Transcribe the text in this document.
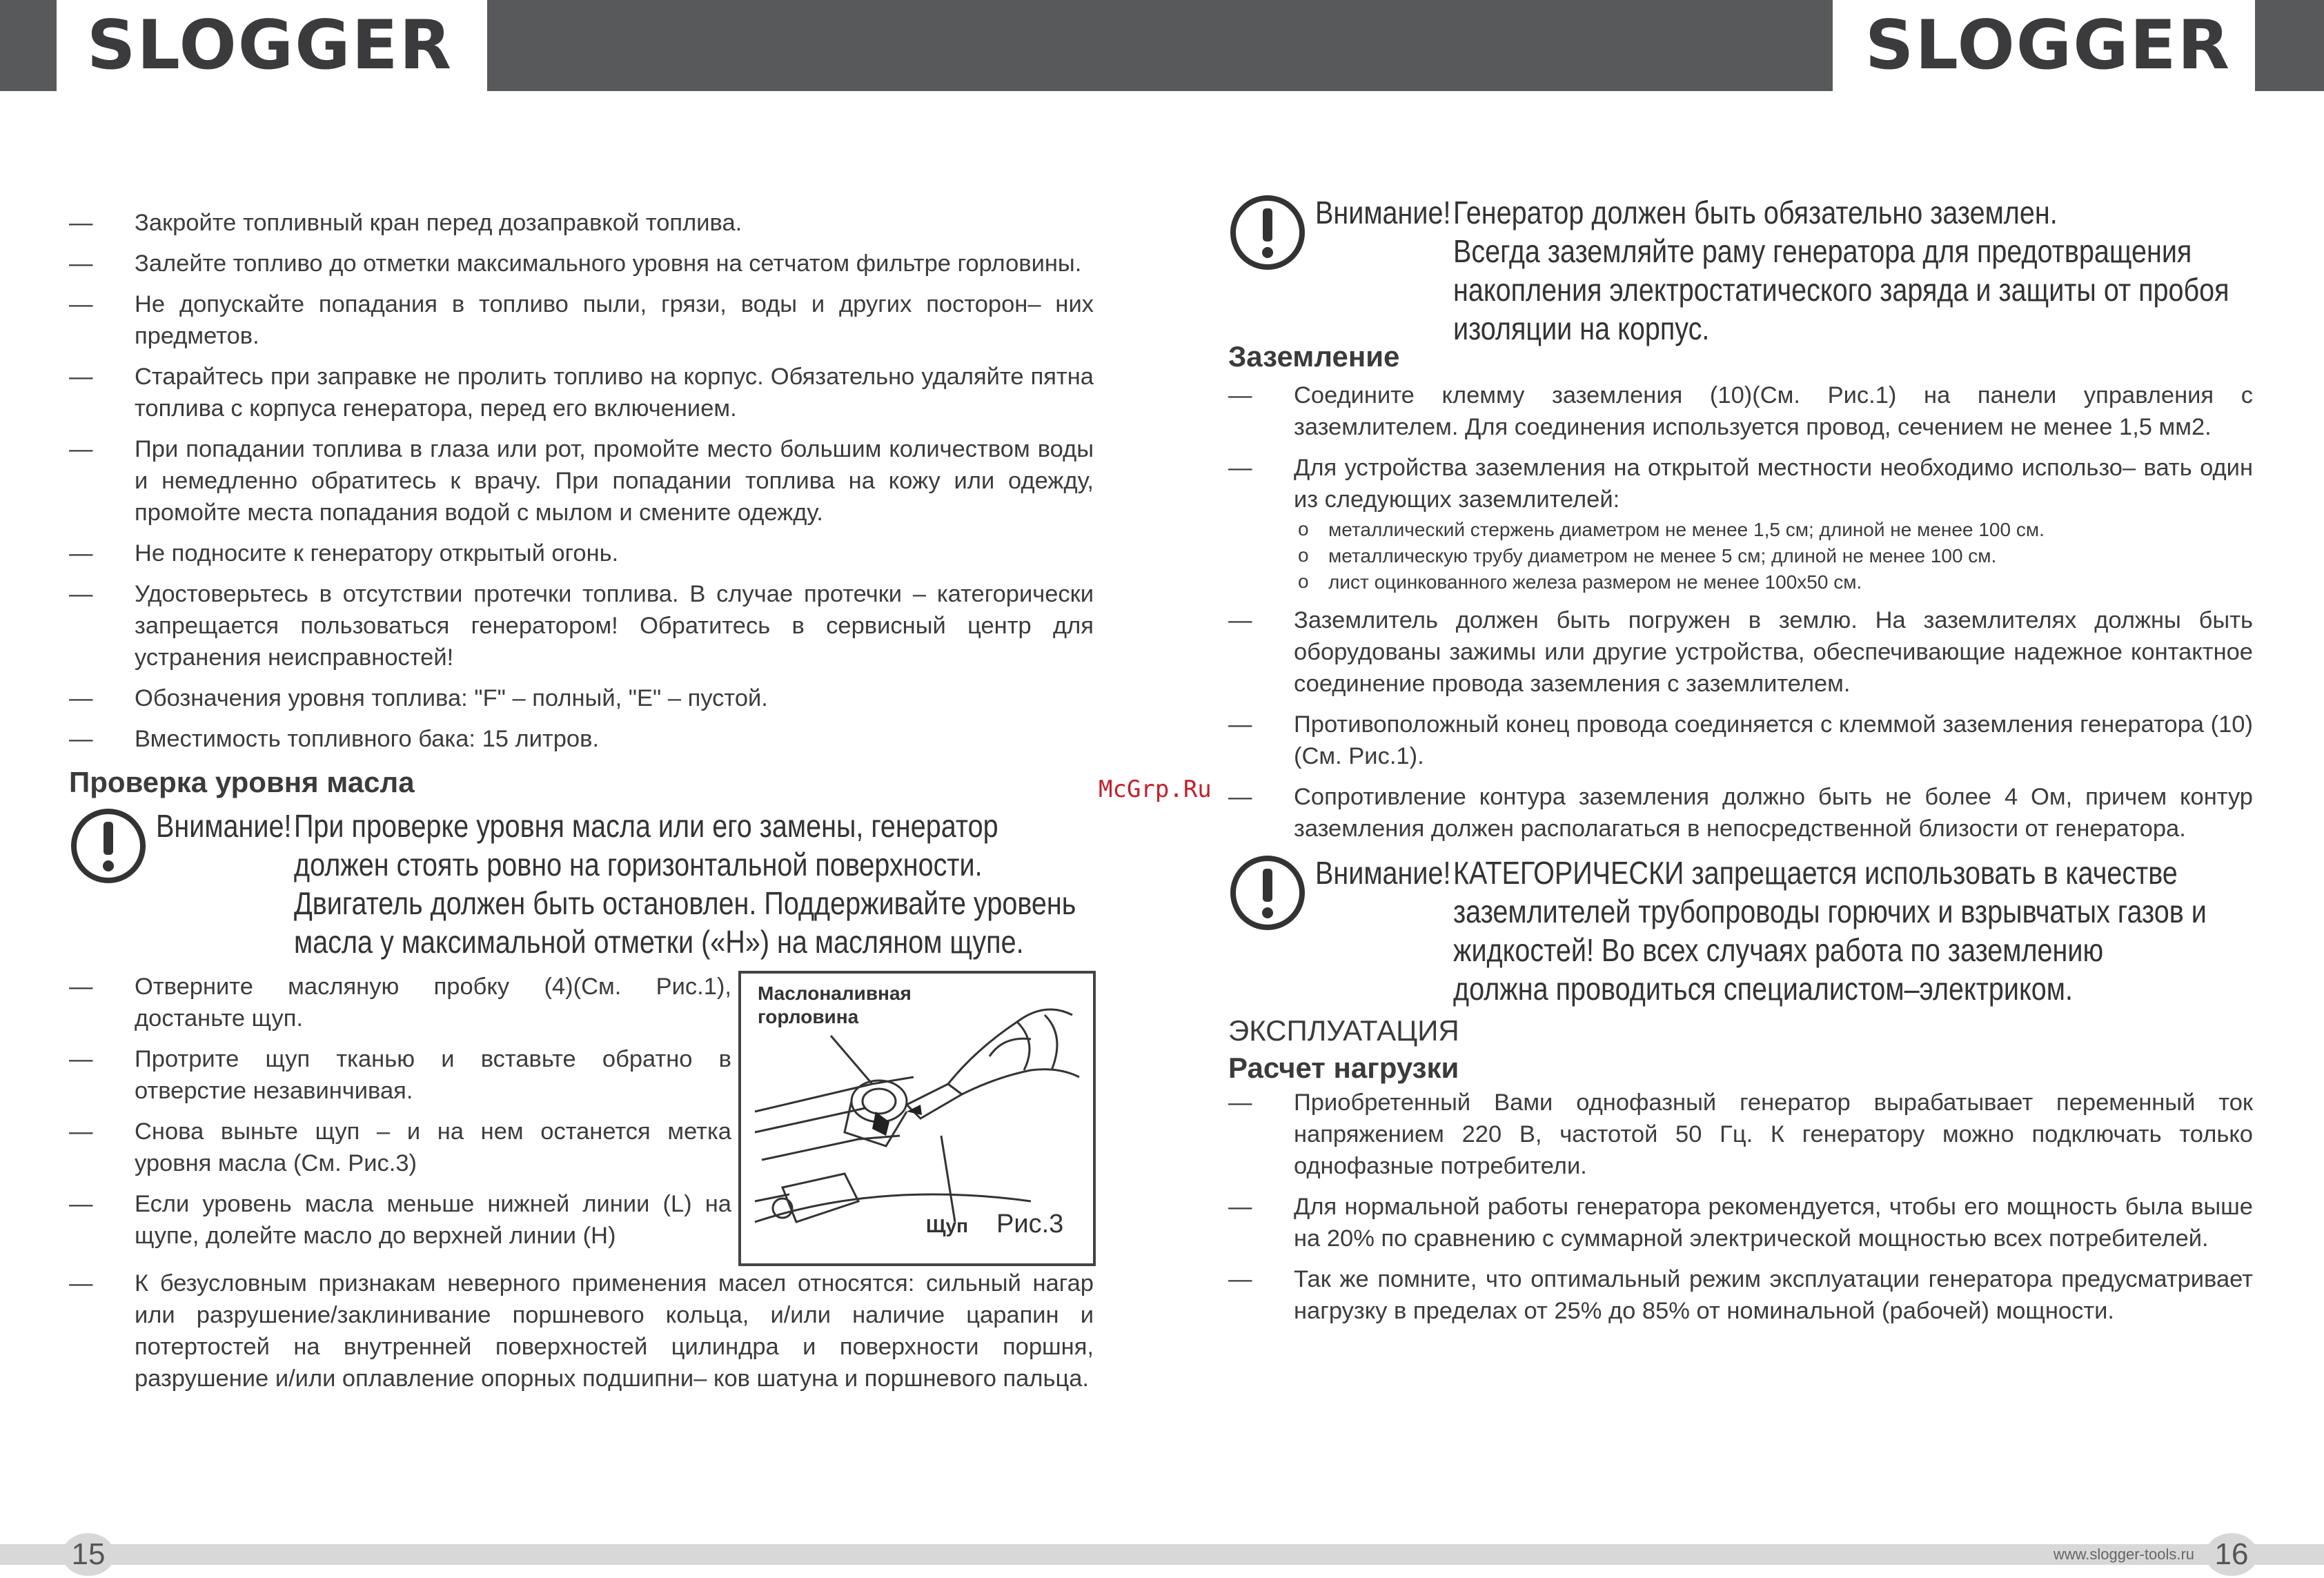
SLOGGER	SLOGGER
— Закройте топливный кран перед дозаправкой топлива.
— Залейте топливо до отметки максимального уровня на сетчатом фильтре горловины.
— Не допускайте попадания в топливо пыли, грязи, воды и других посторон– них предметов.
— Старайтесь при заправке не пролить топливо на корпус. Обязательно удаляйте пятна топлива с корпуса генератора, перед его включением.
— При попадании топлива в глаза или рот, промойте место большим количеством воды и немедленно обратитесь к врачу. При попадании топлива на кожу или одежду, промойте места попадания водой с мылом и смените одежду.
— Не подносите к генератору открытый огонь.
— Удостоверьтесь в отсутствии протечки топлива. В случае протечки – категорически запрещается пользоваться генератором! Обратитесь в сервисный центр для устранения неисправностей!
— Обозначения уровня топлива: "F" – полный, "E" – пустой.
— Вместимость топливного бака: 15 литров.
Проверка уровня масла
Внимание! При проверке уровня масла или его замены, генератор
должен стоять ровно на горизонтальной поверхности.
Двигатель должен быть остановлен. Поддерживайте уровень
масла у максимальной отметки («H») на масляном щупе.
— Отверните масляную пробку (4)(См. Рис.1), достаньте щуп.
— Протрите щуп тканью и вставьте обратно в отверстие незавинчивая.
— Снова выньте щуп – и на нем останется метка уровня масла (См. Рис.3)
— Если уровень масла меньше нижней линии (L) на щупе, долейте масло до верхней линии (H)
Маслоналивная
горловина
Щуп Рис.3
— К безусловным признакам неверного применения масел относятся: сильный нагар или разрушение/заклинивание поршневого кольца, и/или наличие царапин и потертостей на внутренней поверхностей цилиндра и поверхности поршня, разрушение и/или оплавление опорных подшипни– ков шатуна и поршневого пальца.
McGrp.Ru
Внимание! Генератор должен быть обязательно заземлен.
Всегда заземляйте раму генератора для предотвращения
накопления электростатического заряда и защиты от пробоя
изоляции на корпус.
Заземление
— Соедините клемму заземления (10)(См. Рис.1) на панели управления с заземлителем. Для соединения используется провод, сечением не менее 1,5 мм2.
— Для устройства заземления на открытой местности необходимо использо– вать один из следующих заземлителей:
o металлический стержень диаметром не менее 1,5 см; длиной не менее 100 см.
o металлическую трубу диаметром не менее 5 см; длиной не менее 100 см.
o лист оцинкованного железа размером не менее 100х50 см.
— Заземлитель должен быть погружен в землю. На заземлителях должны быть оборудованы зажимы или другие устройства, обеспечивающие надежное контактное соединение провода заземления с заземлителем.
— Противоположный конец провода соединяется с клеммой заземления генератора (10)(См. Рис.1).
— Сопротивление контура заземления должно быть не более 4 Ом, причем контур заземления должен располагаться в непосредственной близости от генератора.
Внимание! КАТЕГОРИЧЕСКИ запрещается использовать в качестве
заземлителей трубопроводы горючих и взрывчатых газов и
жидкостей! Во всех случаях работа по заземлению
должна проводиться специалистом–электриком.
ЭКСПЛУАТАЦИЯ
Расчет нагрузки
— Приобретенный Вами однофазный генератор вырабатывает переменный ток напряжением 220 В, частотой 50 Гц. К генератору можно подключать только однофазные потребители.
— Для нормальной работы генератора рекомендуется, чтобы его мощность была выше на 20% по сравнению с суммарной электрической мощностью всех потребителей.
— Так же помните, что оптимальный режим эксплуатации генератора предусматривает нагрузку в пределах от 25% до 85% от номинальной (рабочей) мощности.
15	www.slogger-tools.ru 16
